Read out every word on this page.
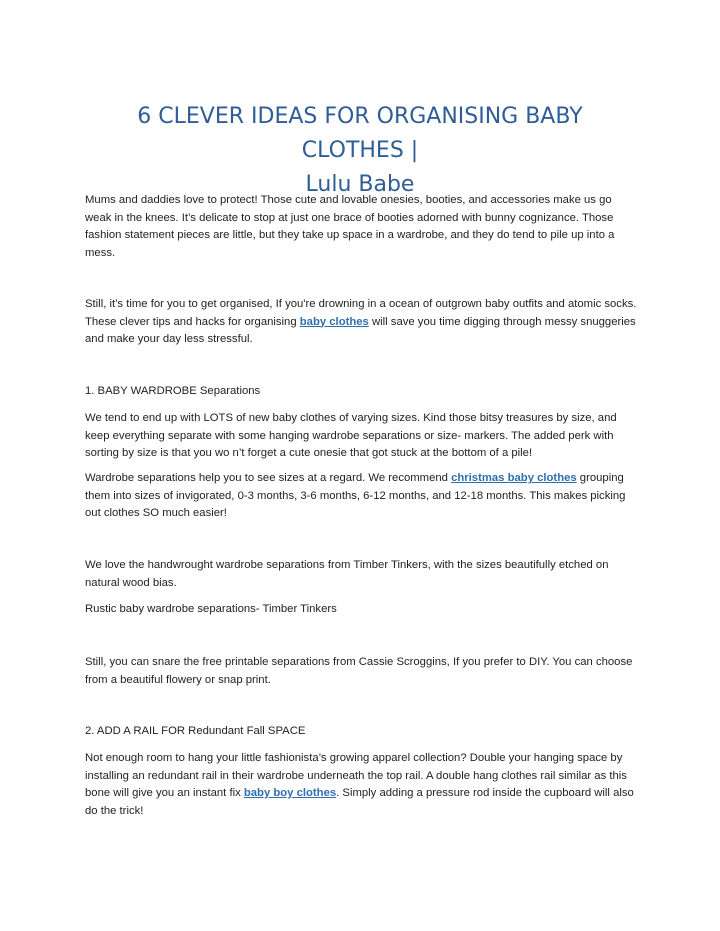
6 CLEVER IDEAS FOR ORGANISING BABY CLOTHES |
Lulu Babe

Mums and daddies love to protect! Those cute and lovable onesies, booties, and accessories make us go weak in the knees. It’s delicate to stop at just one brace of booties adorned with bunny cognizance. Those fashion statement pieces are little, but they take up space in a wardrobe, and they do tend to pile up into a mess.

Still, it’s time for you to get organised, If you're drowning in a ocean of outgrown baby outfits and atomic socks. These clever tips and hacks for organising baby clothes will save you time digging through messy snuggeries and make your day less stressful.

1. BABY WARDROBE Separations

We tend to end up with LOTS of new baby clothes of varying sizes. Kind those bitsy treasures by size, and keep everything separate with some hanging wardrobe separations or size- markers. The added perk with sorting by size is that you wo n’t forget a cute onesie that got stuck at the bottom of a pile!

Wardrobe separations help you to see sizes at a regard. We recommend christmas baby clothes grouping them into sizes of invigorated, 0-3 months, 3-6 months, 6-12 months, and 12-18 months. This makes picking out clothes SO much easier!

We love the handwrought wardrobe separations from Timber Tinkers, with the sizes beautifully etched on natural wood bias.

Rustic baby wardrobe separations- Timber Tinkers

Still, you can snare the free printable separations from Cassie Scroggins, If you prefer to DIY. You can choose from a beautiful flowery or snap print.

2. ADD A RAIL FOR Redundant Fall SPACE

Not enough room to hang your little fashionista’s growing apparel collection? Double your hanging space by installing an redundant rail in their wardrobe underneath the top rail. A double hang clothes rail similar as this bone will give you an instant fix baby boy clothes. Simply adding a pressure rod inside the cupboard will also do the trick!
